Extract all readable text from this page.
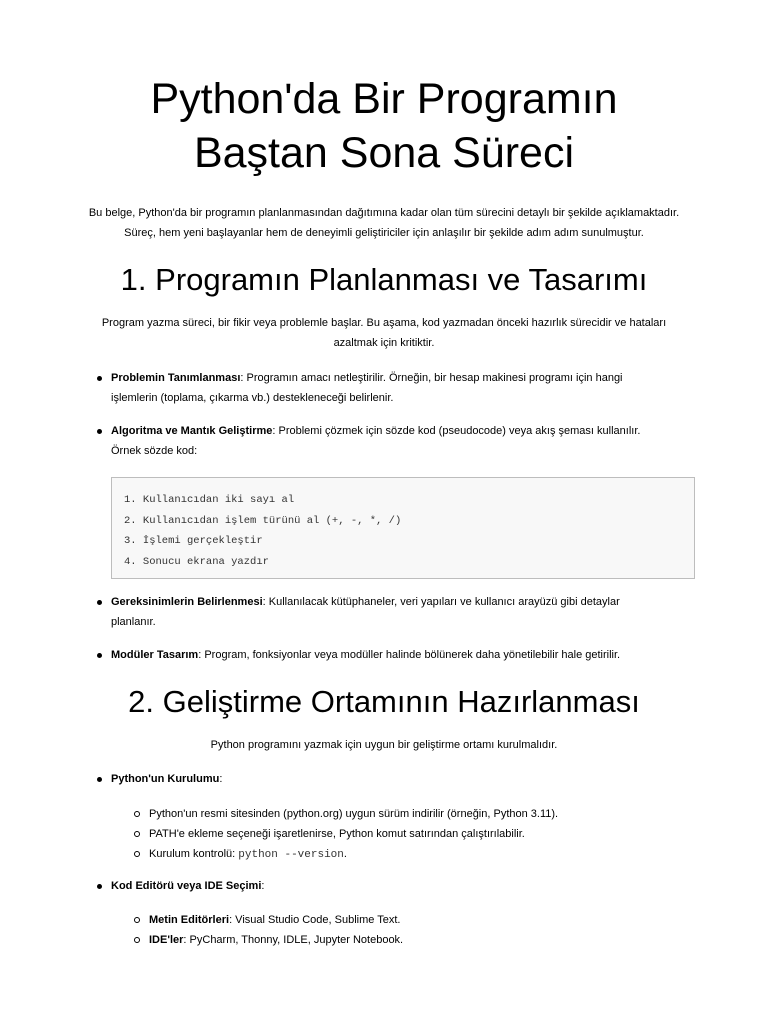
Python'da Bir Programın
Baştan Sona Süreci

Bu belge, Python'da bir programın planlanmasından dağıtımına kadar olan tüm sürecini detaylı bir şekilde açıklamaktadır.
Süreç, hem yeni başlayanlar hem de deneyimli geliştiriciler için anlaşılır bir şekilde adım adım sunulmuştur.

1. Programın Planlanması ve Tasarımı

Program yazma süreci, bir fikir veya problemle başlar. Bu aşama, kod yazmadan önceki hazırlık sürecidir ve hataları
azaltmak için kritiktir.

Problemin Tanımlanması: Programın amacı netleştirilir. Örneğin, bir hesap makinesi programı için hangi
işlemlerin (toplama, çıkarma vb.) destekleneceği belirlenir.
Algoritma ve Mantık Geliştirme: Problemi çözmek için sözde kod (pseudocode) veya akış şeması kullanılır.
Örnek sözde kod:
1. Kullanıcıdan iki sayı al
2. Kullanıcıdan işlem türünü al (+, -, *, /)
3. İşlemi gerçekleştir
4. Sonucu ekrana yazdır
Gereksinimlerin Belirlenmesi: Kullanılacak kütüphaneler, veri yapıları ve kullanıcı arayüzü gibi detaylar
planlanır.
Modüler Tasarım: Program, fonksiyonlar veya modüller halinde bölünerek daha yönetilebilir hale getirilir.
2. Geliştirme Ortamının Hazırlanması

Python programını yazmak için uygun bir geliştirme ortamı kurulmalıdır.

Python'un Kurulumu:
Python'un resmi sitesinden (python.org) uygun sürüm indirilir (örneğin, Python 3.11).
PATH'e ekleme seçeneği işaretlenirse, Python komut satırından çalıştırılabilir.
Kurulum kontrolü: python --version.
Kod Editörü veya IDE Seçimi:
Metin Editörleri: Visual Studio Code, Sublime Text.
IDE'ler: PyCharm, Thonny, IDLE, Jupyter Notebook.
